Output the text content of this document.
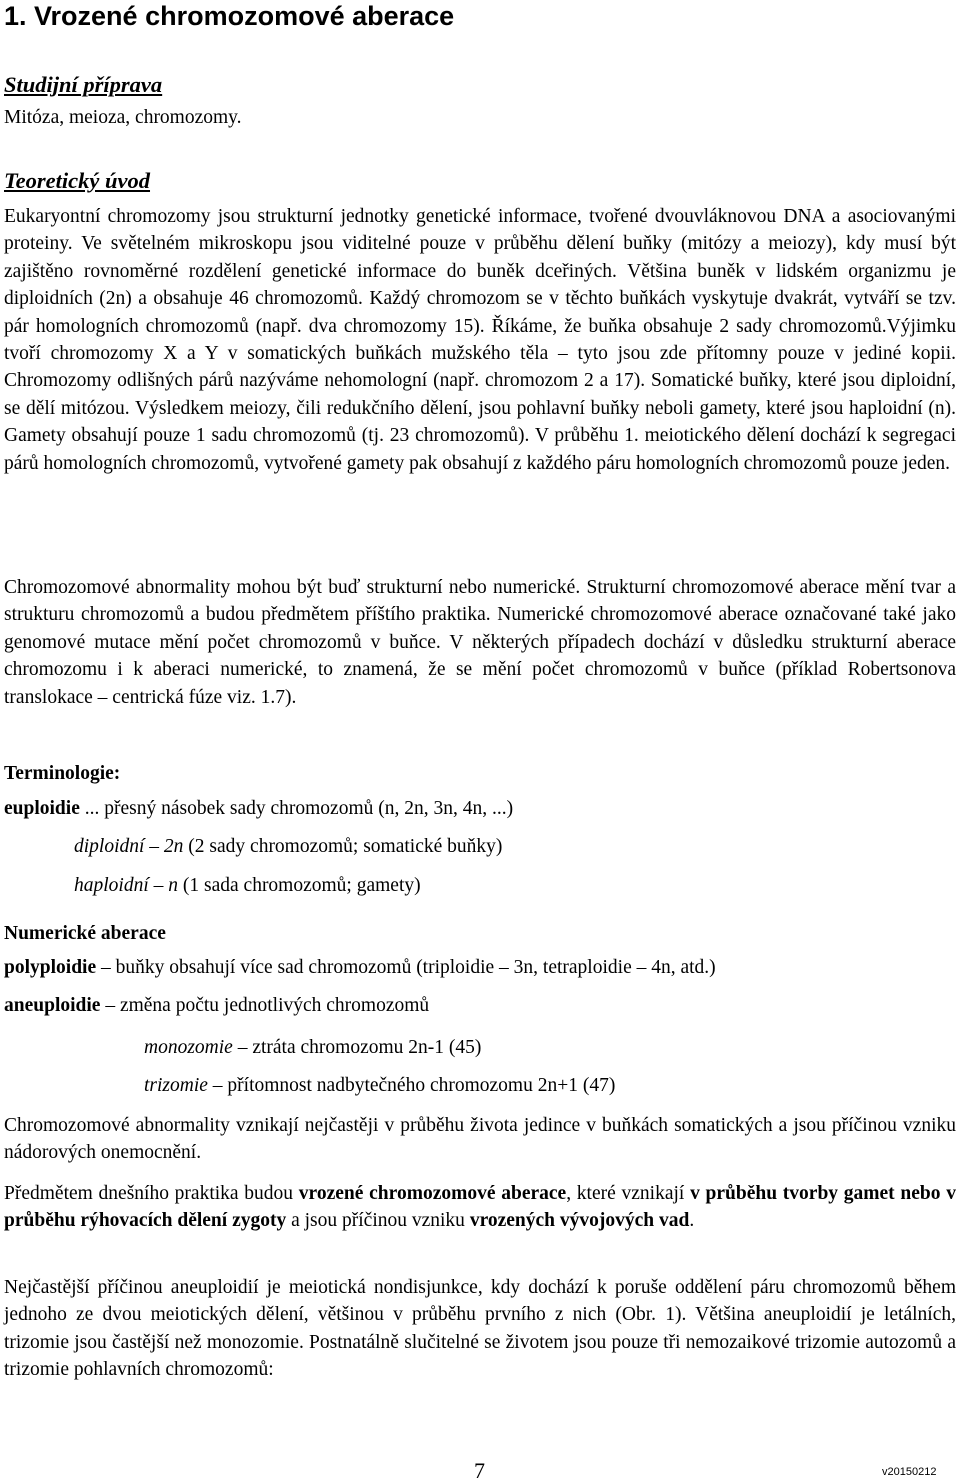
1. Vrozené chromozomové aberace
Studijní příprava
Mitóza, meioza, chromozomy.
Teoretický úvod

Eukaryontní chromozomy jsou strukturní jednotky genetické informace, tvořené dvouvláknovou DNA a asociovanými proteiny. Ve světelném mikroskopu jsou viditelné pouze v průběhu dělení buňky (mitózy a meiozy), kdy musí být zajištěno rovnoměrné rozdělení genetické informace do buněk dceřiných. Většina buněk v lidském organizmu je diploidních (2n) a obsahuje 46 chromozomů. Každý chromozom se v těchto buňkách vyskytuje dvakrát, vytváří se tzv. pár homologních chromozomů (např. dva chromozomy 15). Říkáme, že buňka obsahuje 2 sady chromozomů.Výjimku tvoří chromozomy X a Y v somatických buňkách mužského těla – tyto jsou zde přítomny pouze v jediné kopii. Chromozomy odlišných párů nazýváme nehomologní (např. chromozom 2 a 17). Somatické buňky, které jsou diploidní, se dělí mitózou. Výsledkem meiozy, čili redukčního dělení, jsou pohlavní buňky neboli gamety, které jsou haploidní (n). Gamety obsahují pouze 1 sadu chromozomů (tj. 23 chromozomů). V průběhu 1. meiotického dělení dochází k segregaci párů homologních chromozomů, vytvořené gamety pak obsahují z každého páru homologních chromozomů pouze jeden.

Chromozomové abnormality mohou být buď strukturní nebo numerické. Strukturní chromozomové aberace mění tvar a strukturu chromozomů a budou předmětem příštího praktika. Numerické chromozomové aberace označované také jako genomové mutace mění počet chromozomů v buňce. V některých případech dochází v důsledku strukturní aberace chromozomu i k aberaci numerické, to znamená, že se mění počet chromozomů v buňce (příklad Robertsonova translokace – centrická fúze viz. 1.7).

Terminologie:
euploidie ... přesný násobek sady chromozomů (n, 2n, 3n, 4n, ...)
diploidní – 2n (2 sady chromozomů; somatické buňky)
haploidní – n (1 sada chromozomů; gamety)
Numerické aberace
polyploidie – buňky obsahují více sad chromozomů (triploidie – 3n, tetraploidie – 4n, atd.)
aneuploidie – změna počtu jednotlivých chromozomů
monozomie – ztráta chromozomu 2n-1 (45)
trizomie – přítomnost nadbytečného chromozomu 2n+1 (47)

Chromozomové abnormality vznikají nejčastěji v průběhu života jedince v buňkách somatických a jsou příčinou vzniku nádorových onemocnění.

Předmětem dnešního praktika budou vrozené chromozomové aberace, které vznikají v průběhu tvorby gamet nebo v průběhu rýhovacích dělení zygoty a jsou příčinou vzniku vrozených vývojových vad.

Nejčastější příčinou aneuploidií je meiotická nondisjunkce, kdy dochází k poruše oddělení páru chromozomů během jednoho ze dvou meiotických dělení, většinou v průběhu prvního z nich (Obr. 1). Většina aneuploidií je letálních, trizomie jsou častější než monozomie. Postnatálně slučitelné se životem jsou pouze tři nemozaikové trizomie autozomů a trizomie pohlavních chromozomů:

7	v20150212
